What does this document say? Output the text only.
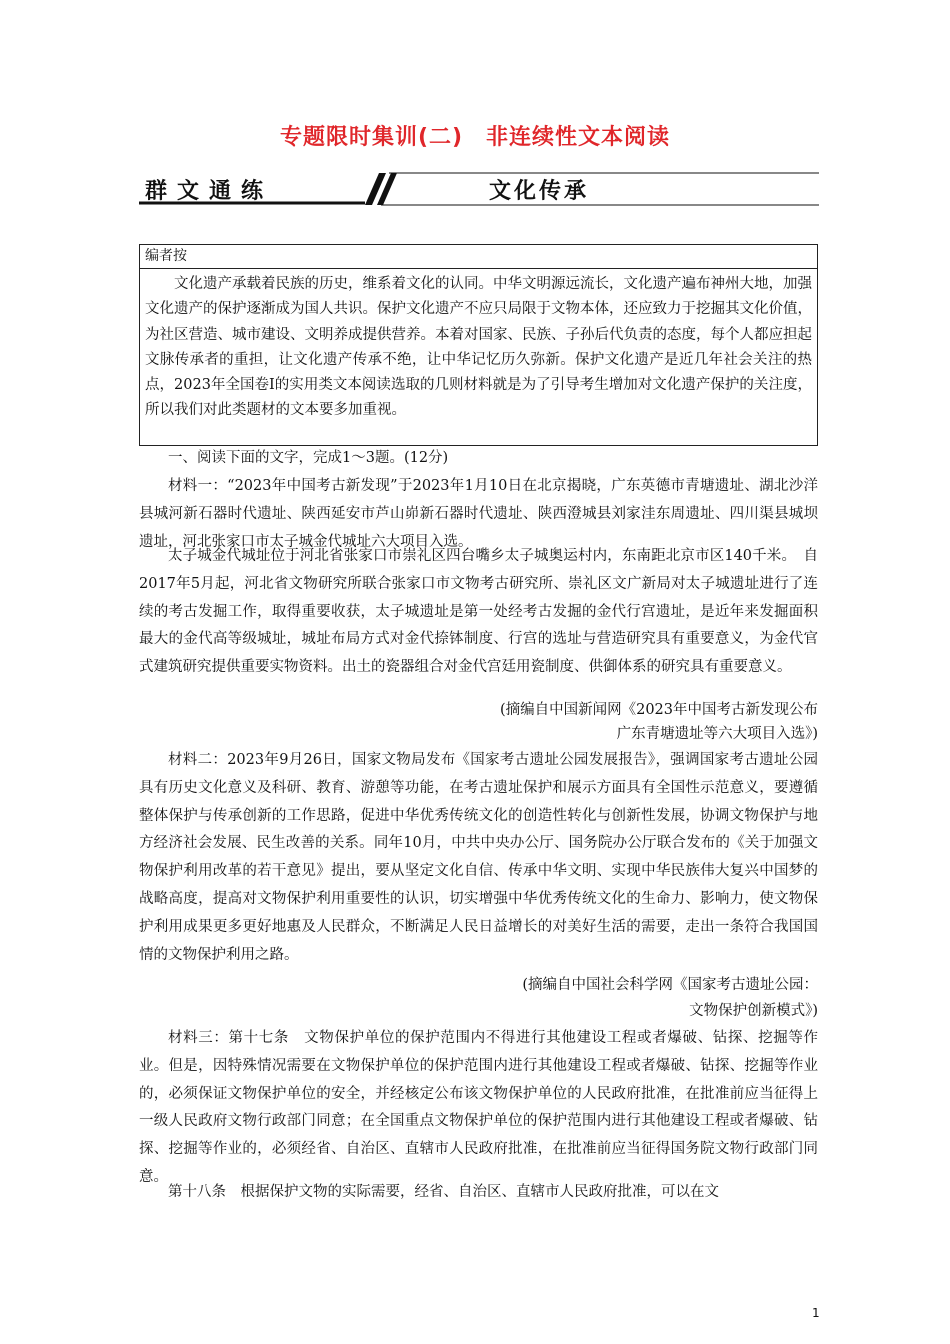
专题限时集训(二)　非连续性文本阅读
群文通练	文化传承
编者按
文化遗产承载着民族的历史，维系着文化的认同。中华文明源远流长，文化遗产遍布神州大地，加强文化遗产的保护逐渐成为国人共识。保护文化遗产不应只局限于文物本体，还应致力于挖掘其文化价值，为社区营造、城市建设、文明养成提供营养。本着对国家、民族、子孙后代负责的态度，每个人都应担起文脉传承者的重担，让文化遗产传承不绝，让中华记忆历久弥新。保护文化遗产是近几年社会关注的热点，2023年全国卷Ⅰ的实用类文本阅读选取的几则材料就是为了引导考生增加对文化遗产保护的关注度，所以我们对此类题材的文本要多加重视。

一、阅读下面的文字，完成1～3题。(12分)

材料一：“2023年中国考古新发现”于2023年1月10日在北京揭晓，广东英德市青塘遗址、湖北沙洋县城河新石器时代遗址、陕西延安市芦山峁新石器时代遗址、陕西澄城县刘家洼东周遗址、四川渠县城坝遗址，河北张家口市太子城金代城址六大项目入选。

太子城金代城址位于河北省张家口市崇礼区四台嘴乡太子城奥运村内，东南距北京市区140千米。　自2017年5月起，河北省文物研究所联合张家口市文物考古研究所、崇礼区文广新局对太子城遗址进行了连续的考古发掘工作，取得重要收获，太子城遗址是第一处经考古发掘的金代行宫遗址，是近年来发掘面积最大的金代高等级城址，城址布局方式对金代捺钵制度、行宫的选址与营造研究具有重要意义，为金代官式建筑研究提供重要实物资料。出土的瓷器组合对金代宫廷用瓷制度、供御体系的研究具有重要意义。

(摘编自中国新闻网《2023年中国考古新发现公布

广东青塘遗址等六大项目入选》)

材料二：2023年9月26日，国家文物局发布《国家考古遗址公园发展报告》，强调国家考古遗址公园具有历史文化意义及科研、教育、游憩等功能，在考古遗址保护和展示方面具有全国性示范意义，要遵循整体保护与传承创新的工作思路，促进中华优秀传统文化的创造性转化与创新性发展，协调文物保护与地方经济社会发展、民生改善的关系。同年10月，中共中央办公厅、国务院办公厅联合发布的《关于加强文物保护利用改革的若干意见》提出，要从坚定文化自信、传承中华文明、实现中华民族伟大复兴中国梦的战略高度，提高对文物保护利用重要性的认识，切实增强中华优秀传统文化的生命力、影响力，使文物保护利用成果更多更好地惠及人民群众，不断满足人民日益增长的对美好生活的需要，走出一条符合我国国情的文物保护利用之路。

(摘编自中国社会科学网《国家考古遗址公园：

文物保护创新模式》)

材料三：第十七条　文物保护单位的保护范围内不得进行其他建设工程或者爆破、钻探、挖掘等作业。但是，因特殊情况需要在文物保护单位的保护范围内进行其他建设工程或者爆破、钻探、挖掘等作业的，必须保证文物保护单位的安全，并经核定公布该文物保护单位的人民政府批准，在批准前应当征得上一级人民政府文物行政部门同意；在全国重点文物保护单位的保护范围内进行其他建设工程或者爆破、钻探、挖掘等作业的，必须经省、自治区、直辖市人民政府批准，在批准前应当征得国务院文物行政部门同意。

第十八条　根据保护文物的实际需要，经省、自治区、直辖市人民政府批准，可以在文

1
